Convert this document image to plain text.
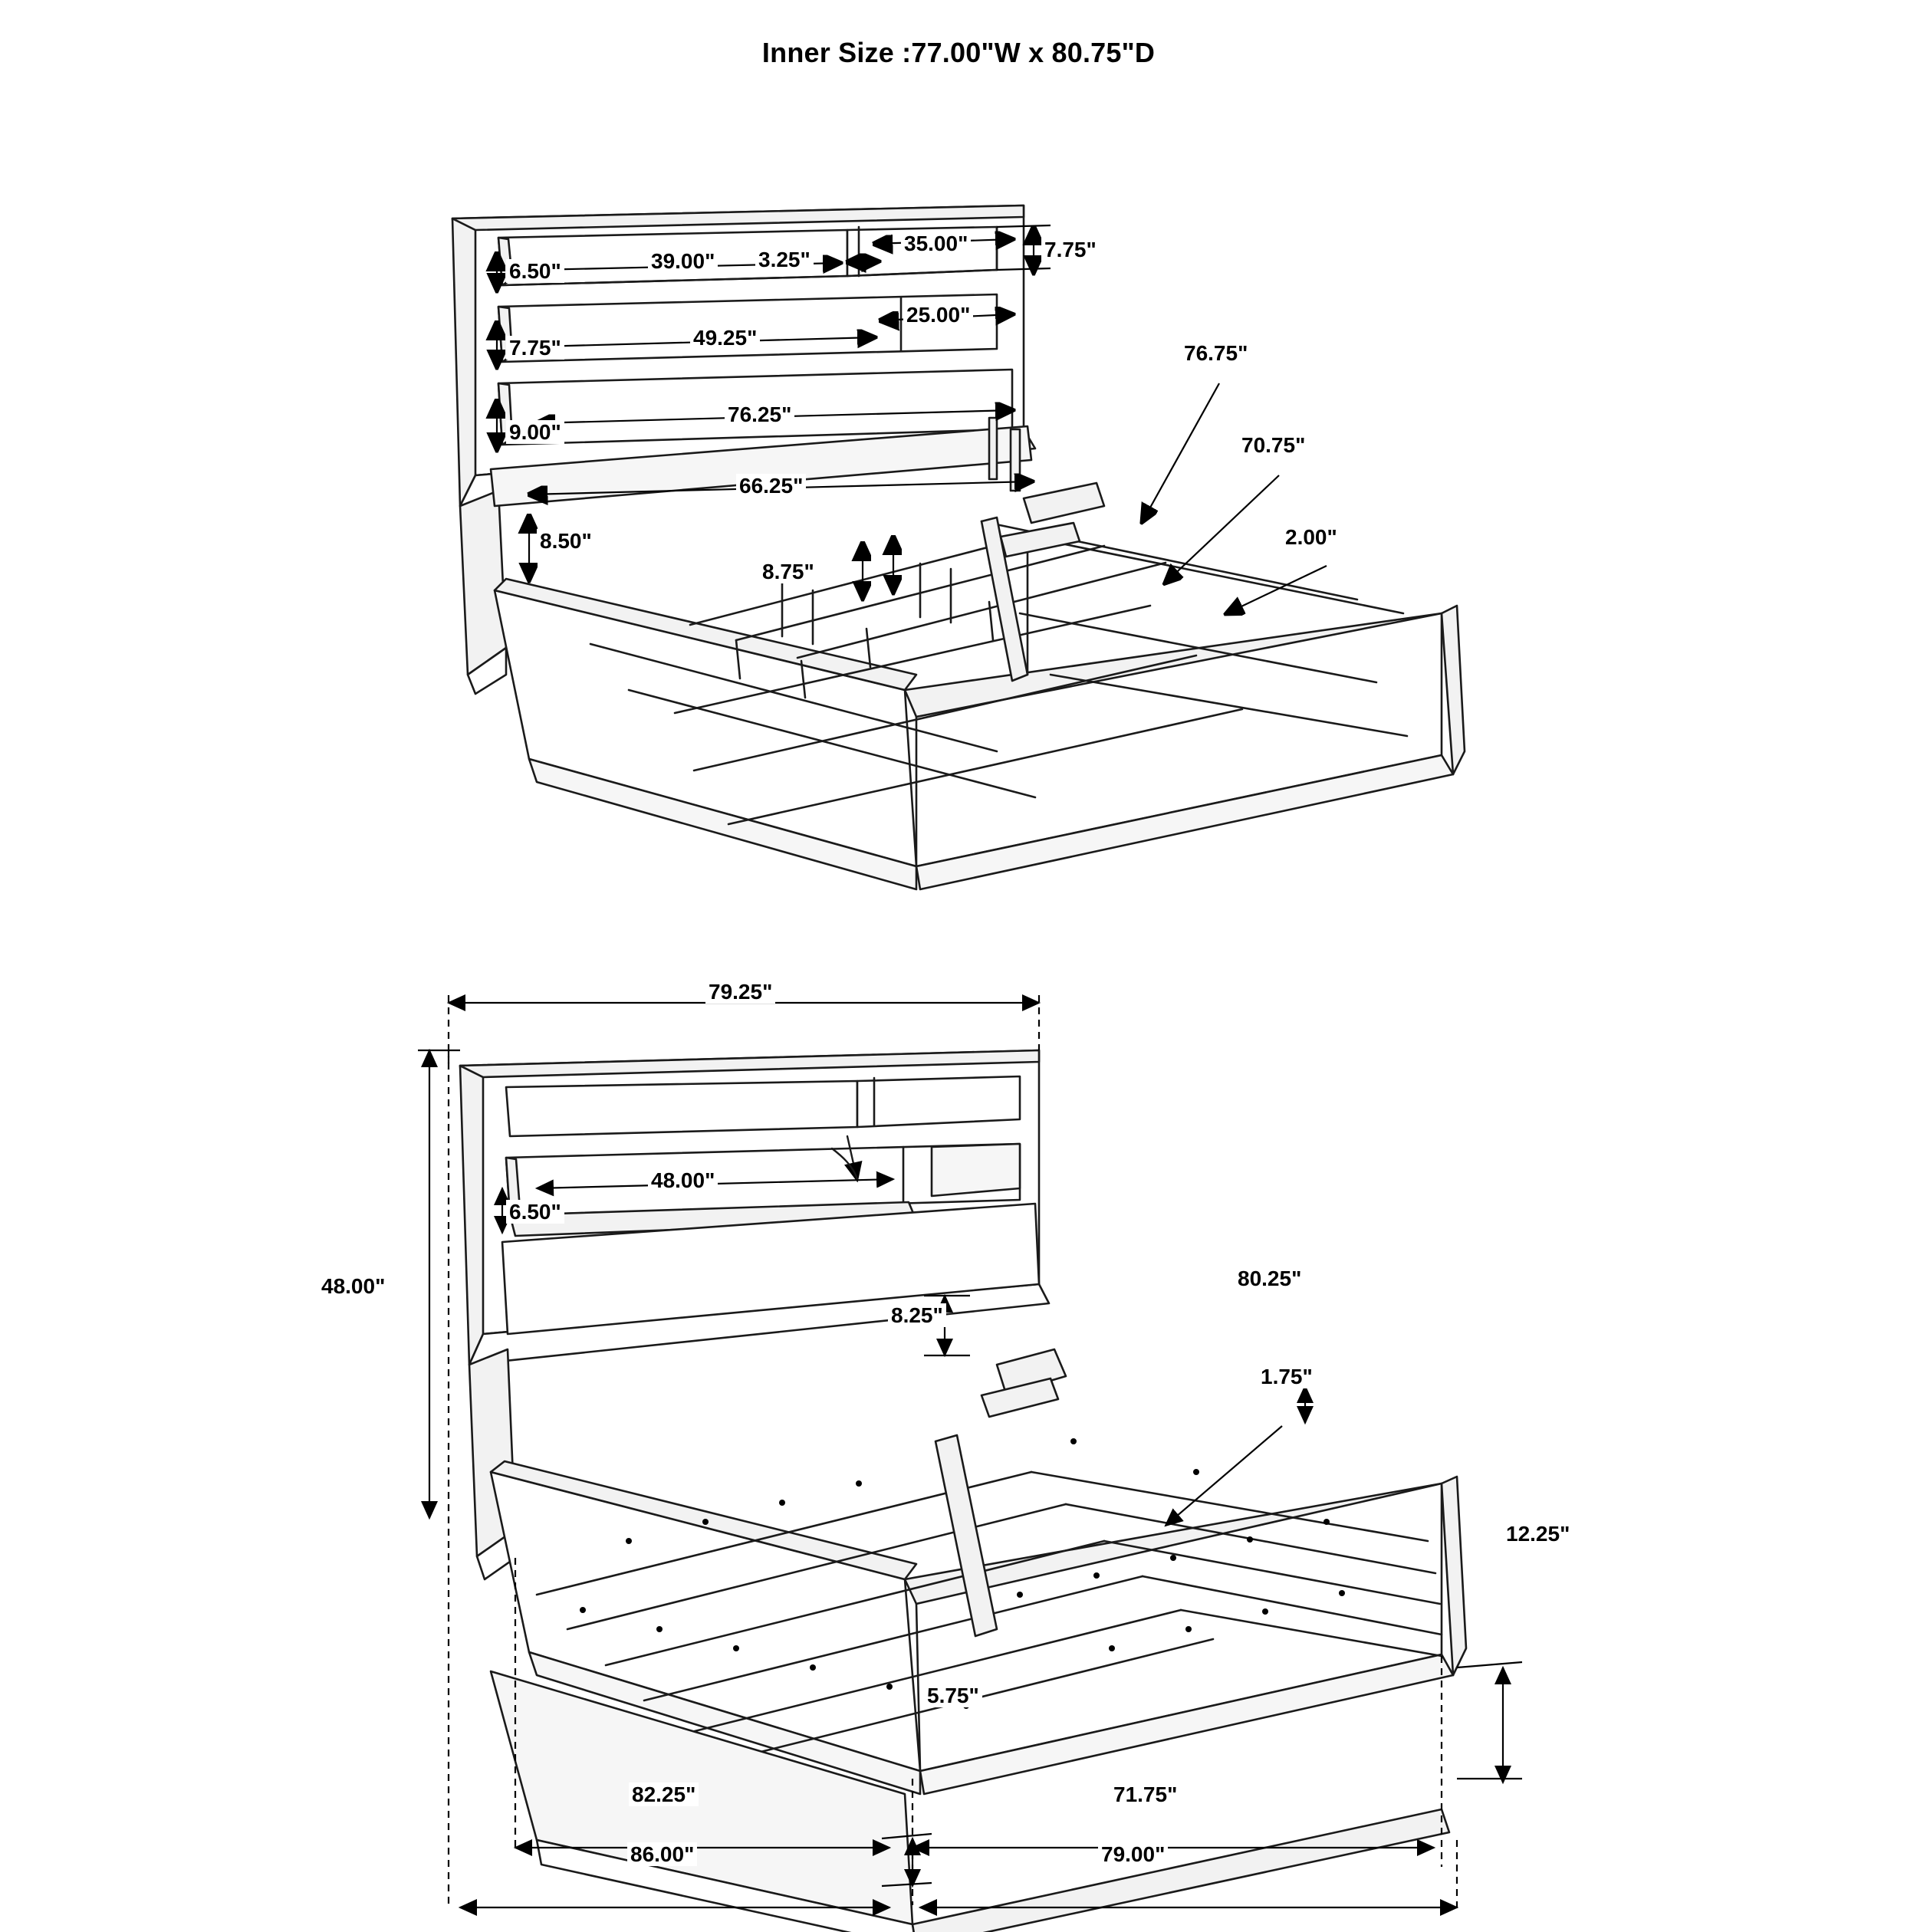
Inner Size :77.00"W x 80.75"D
6.50"	39.00" 3.25"
35.00"	7.75"
25.00"
7.75"	49.25"
9.00"
76.25"
66.25"
8.50"
8.75"
76.75"
70.75"
2.00"
79.25"
48.00"
6.50"
48.00"
8.25"
80.25"
1.75"
12.25"
5.75"
82.25"	71.75"
86.00"	79.00"
